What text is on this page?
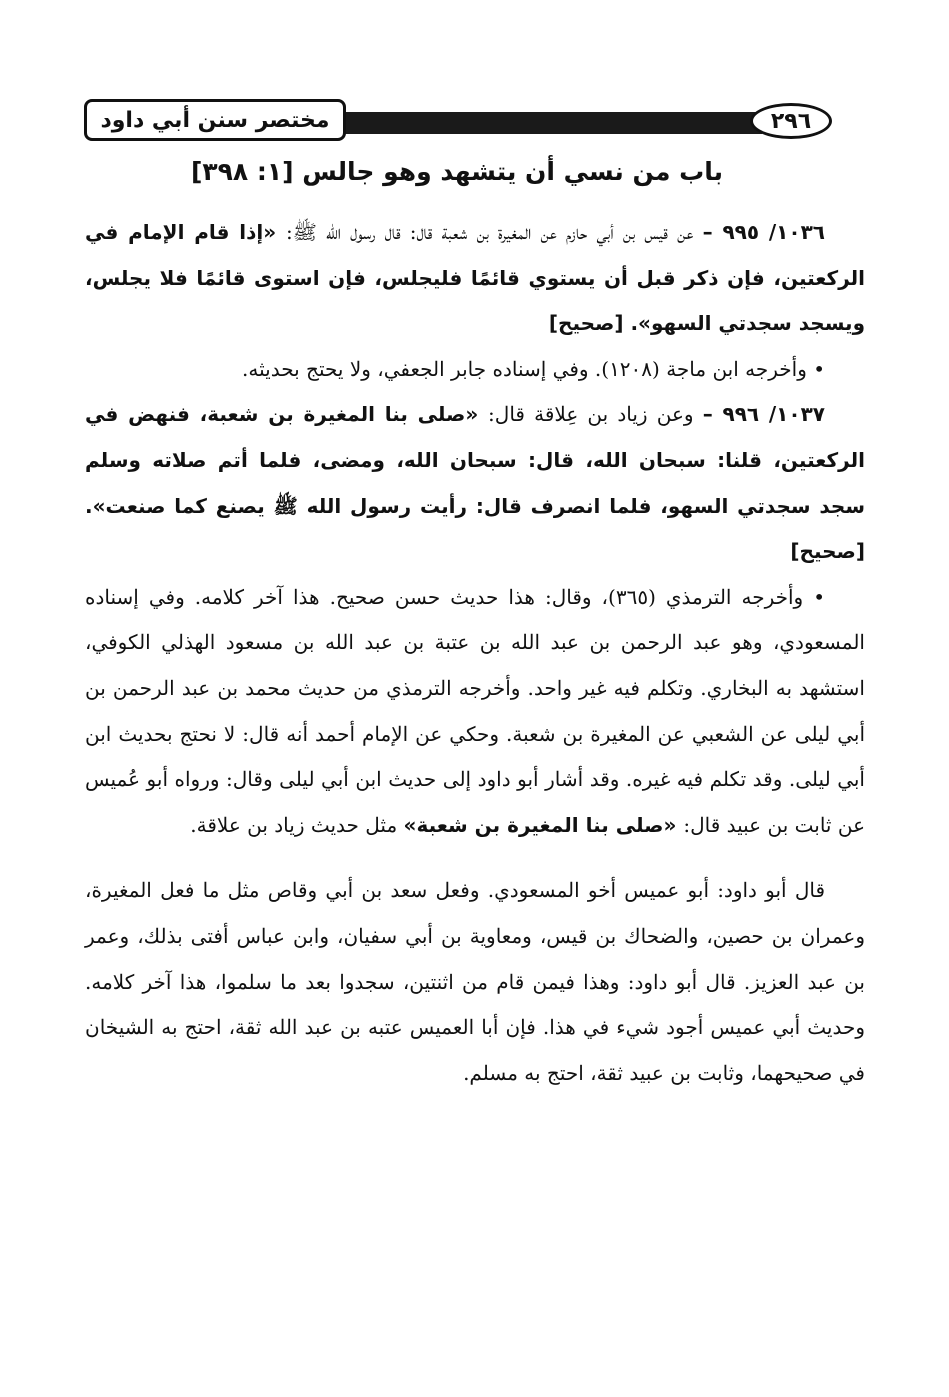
مختصر سنن أبي داود	٢٩٦
باب من نسي أن يتشهد وهو جالس [١: ٣٩٨]

١٠٣٦/ ٩٩٥ – عن قيس بن أبي حازم عن المغيرة بن شعبة قال: قال رسول الله ﷺ: «إذا قام الإمام في الركعتين، فإن ذكر قبل أن يستوي قائمًا فليجلس، فإن استوى قائمًا فلا يجلس، ويسجد سجدتي السهو». [صحيح]

• وأخرجه ابن ماجة (١٢٠٨). وفي إسناده جابر الجعفي، ولا يحتج بحديثه.

١٠٣٧/ ٩٩٦ – وعن زياد بن عِلاقة قال: «صلى بنا المغيرة بن شعبة، فنهض في الركعتين، قلنا: سبحان الله، قال: سبحان الله، ومضى، فلما أتم صلاته وسلم سجد سجدتي السهو، فلما انصرف قال: رأيت رسول الله ﷺ يصنع كما صنعت». [صحيح]

• وأخرجه الترمذي (٣٦٥)، وقال: هذا حديث حسن صحيح. هذا آخر كلامه. وفي إسناده المسعودي، وهو عبد الرحمن بن عبد الله بن عتبة بن عبد الله بن مسعود الهذلي الكوفي، استشهد به البخاري. وتكلم فيه غير واحد. وأخرجه الترمذي من حديث محمد بن عبد الرحمن بن أبي ليلى عن الشعبي عن المغيرة بن شعبة. وحكي عن الإمام أحمد أنه قال: لا نحتج بحديث ابن أبي ليلى. وقد تكلم فيه غيره. وقد أشار أبو داود إلى حديث ابن أبي ليلى وقال: ورواه أبو عُميس عن ثابت بن عبيد قال: «صلى بنا المغيرة بن شعبة» مثل حديث زياد بن علاقة.

قال أبو داود: أبو عميس أخو المسعودي. وفعل سعد بن أبي وقاص مثل ما فعل المغيرة، وعمران بن حصين، والضحاك بن قيس، ومعاوية بن أبي سفيان، وابن عباس أفتى بذلك، وعمر بن عبد العزيز. قال أبو داود: وهذا فيمن قام من اثنتين، سجدوا بعد ما سلموا، هذا آخر كلامه. وحديث أبي عميس أجود شيء في هذا. فإن أبا العميس عتبه بن عبد الله ثقة، احتج به الشيخان في صحيحهما، وثابت بن عبيد ثقة، احتج به مسلم.
